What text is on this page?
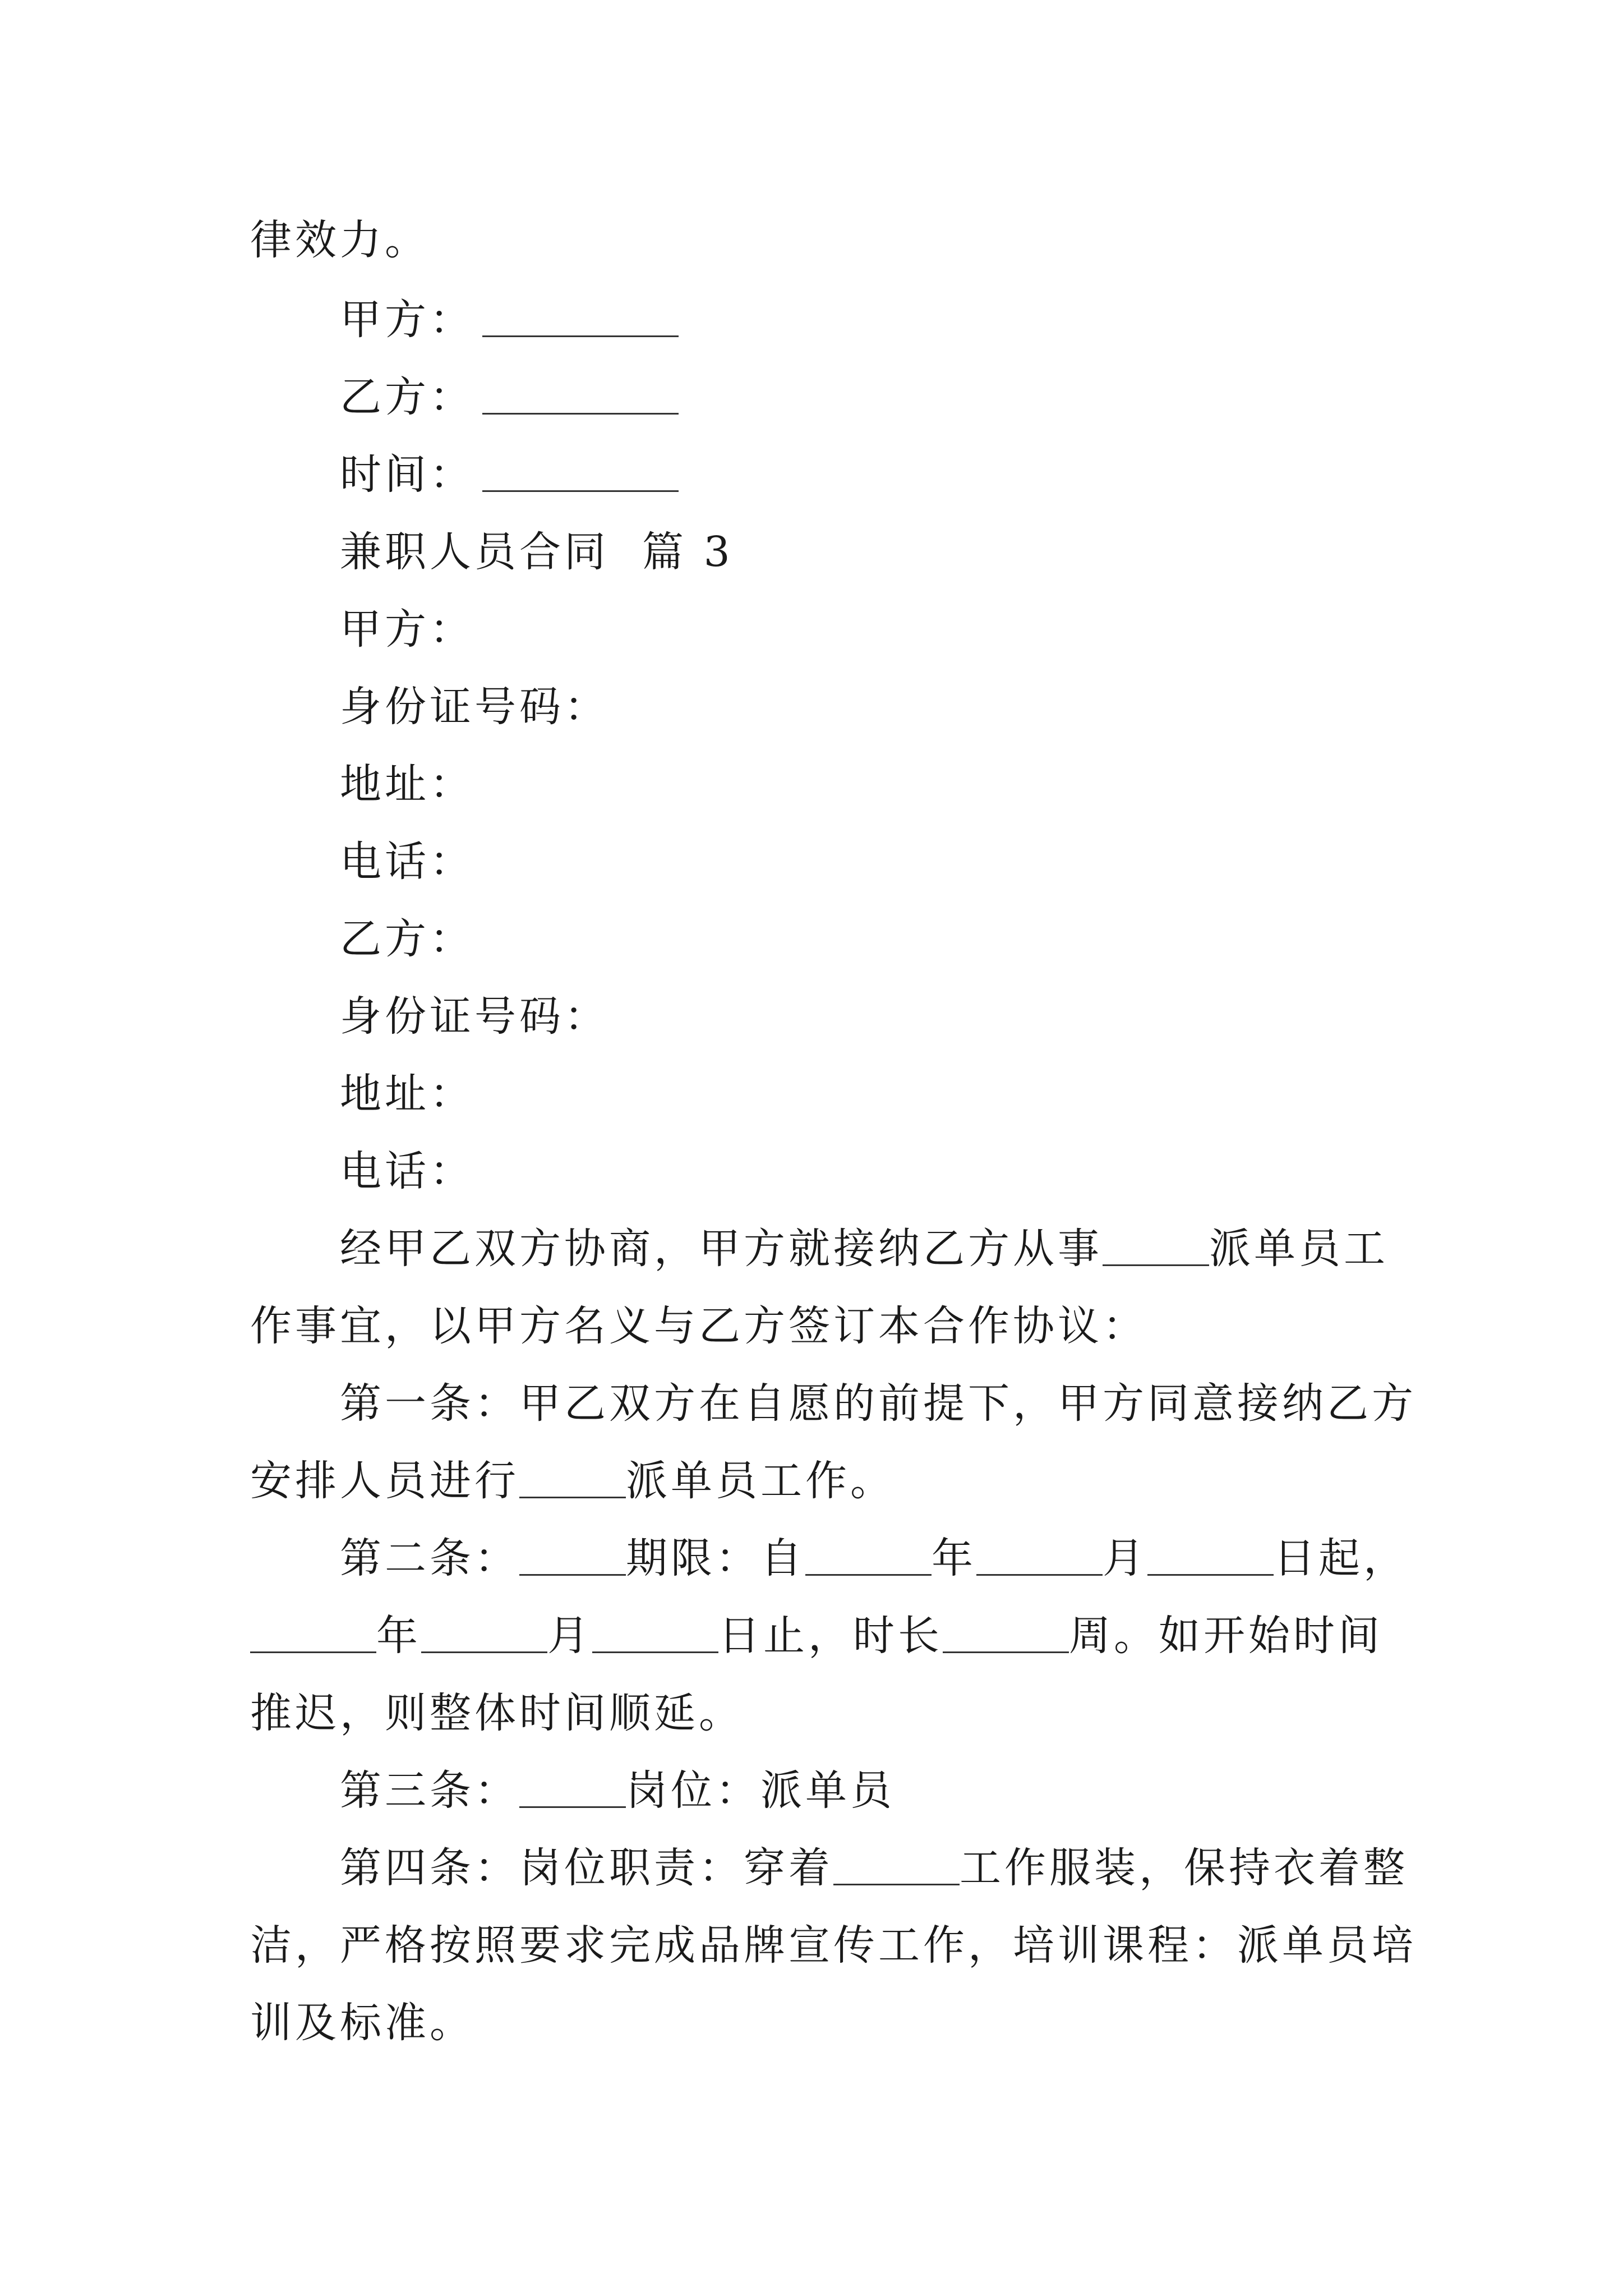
律效力。
甲方：
乙方：
时间：
兼职人员合同  篇 3
甲方：
身份证号码：
地址：
电话：
乙方：
身份证号码：
地址：
电话：
经甲乙双方协商，甲方就接纳乙方从事	派单员工
作事宜，以甲方名义与乙方签订本合作协议：
第一条：甲乙双方在自愿的前提下，甲方同意接纳乙方
安排人员进行	派单员工作。
第二条：	期限：自	年	月	日起，
年	月	日止，时长	周。如开始时间
推迟，则整体时间顺延。
第三条：	岗位：派单员
第四条：岗位职责：穿着	工作服装，保持衣着整
洁，严格按照要求完成品牌宣传工作，培训课程：派单员培
训及标准。
